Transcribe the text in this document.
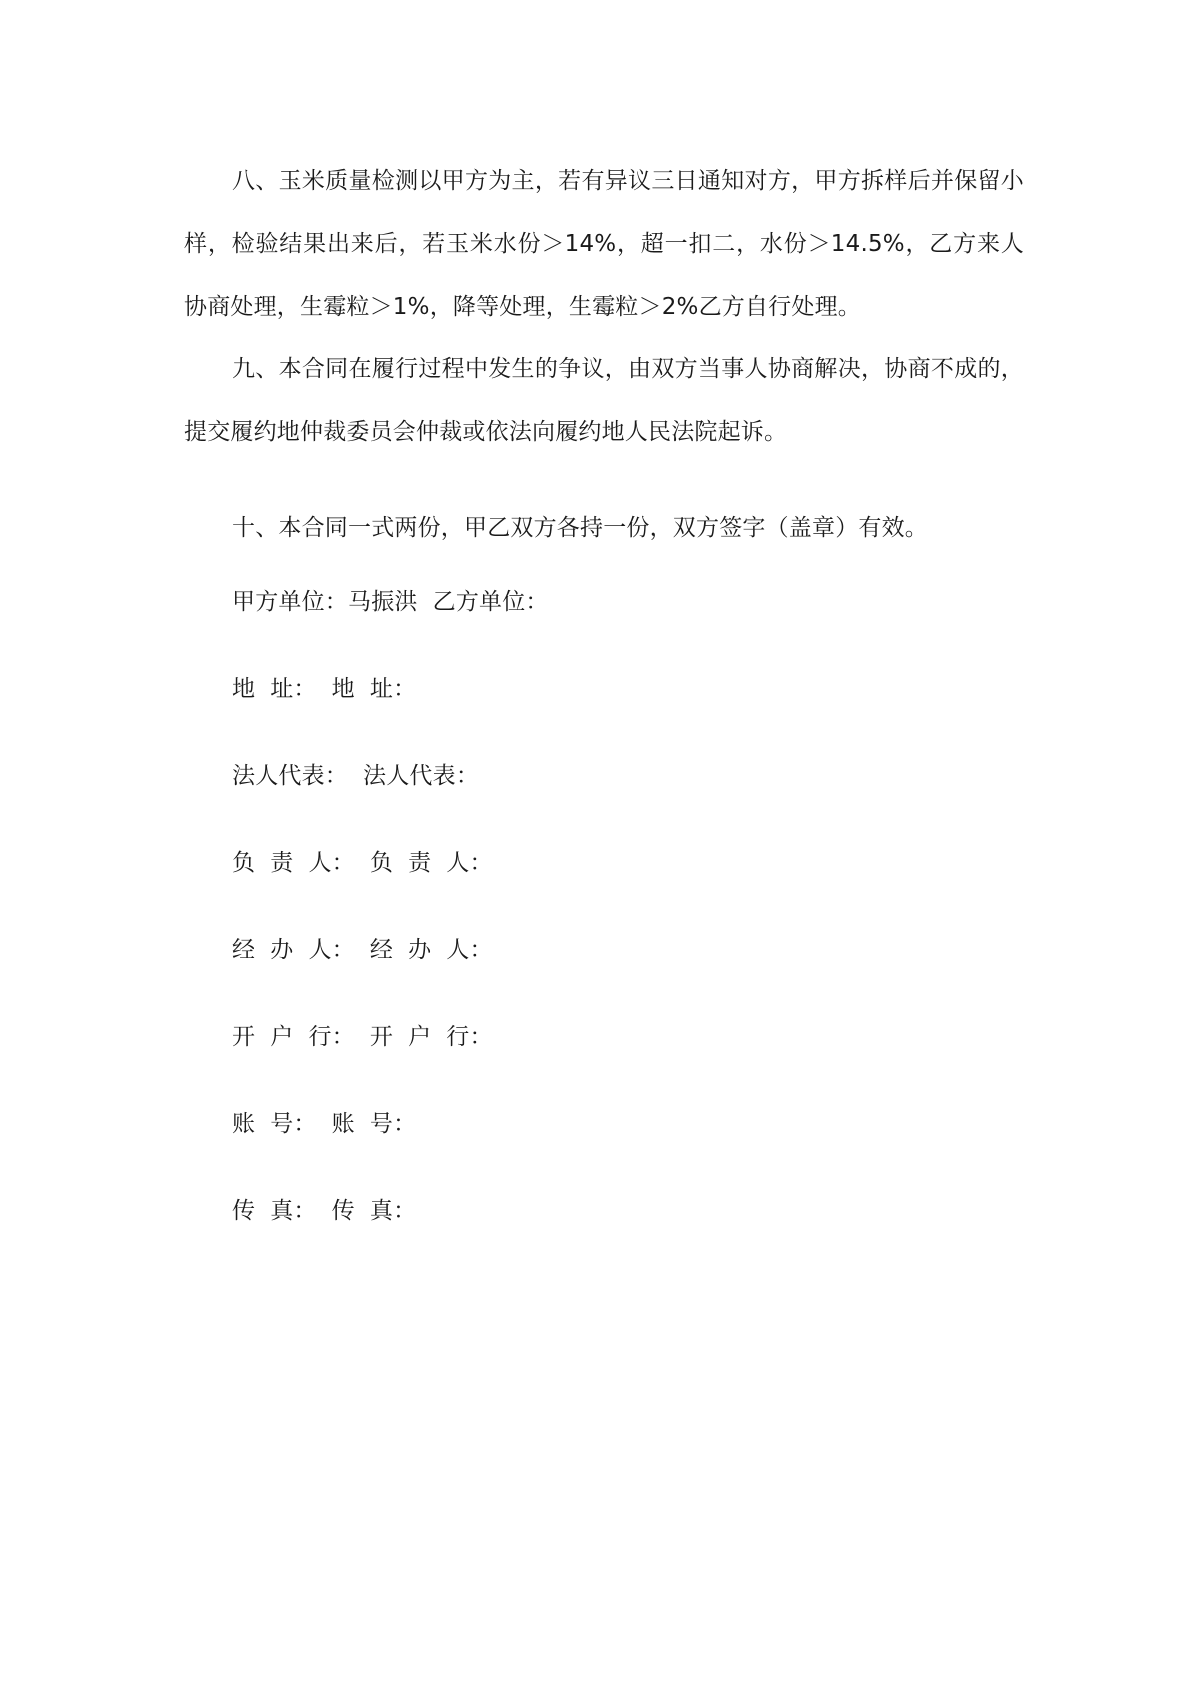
八、玉米质量检测以甲方为主，若有异议三日通知对方，甲方拆样后并保留小样，检验结果出来后，若玉米水份＞14%，超一扣二，水份＞14.5%，乙方来人协商处理，生霉粒＞1%，降等处理，生霉粒＞2%乙方自行处理。

九、本合同在履行过程中发生的争议，由双方当事人协商解决，协商不成的，提交履约地仲裁委员会仲裁或依法向履约地人民法院起诉。

十、本合同一式两份，甲乙双方各持一份，双方签字（盖章）有效。

甲方单位：马振洪  乙方单位：

地  址：  地  址：

法人代表：  法人代表：

负  责  人：  负  责  人：

经  办  人：  经  办  人：

开  户  行：  开  户  行：

账  号：  账  号：

传  真：  传  真：
